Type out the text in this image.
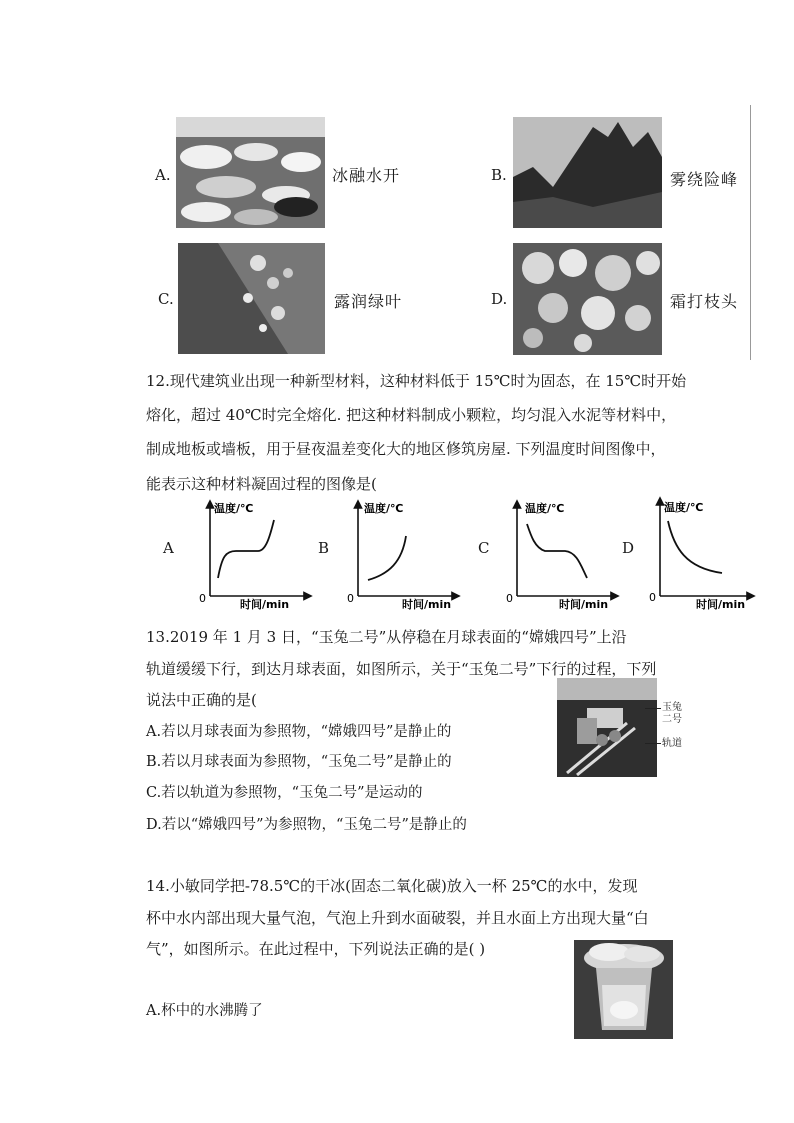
A.	冰融水开	B.	雾绕险峰
C.	露润绿叶	D.	霜打枝头
12.现代建筑业出现一种新型材料，这种材料低于 15℃时为固态，在 15℃时开始
熔化，超过 40℃时完全熔化. 把这种材料制成小颗粒，均匀混入水泥等材料中，
制成地板或墙板，用于昼夜温差变化大的地区修筑房屋. 下列温度时间图像中，
能表示这种材料凝固过程的图像是(
A
温度/℃
0	时间/min
B
温度/℃
0	时间/min
C
温度/℃
0	时间/min
D
温度/℃
0
时间/min
13.2019 年 1 月 3 日，“玉兔二号”从停稳在月球表面的“嫦娥四号”上沿
轨道缓缓下行，到达月球表面，如图所示，关于“玉兔二号”下行的过程，下列
说法中正确的是(
A.若以月球表面为参照物，“嫦娥四号”是静止的
B.若以月球表面为参照物，“玉兔二号”是静止的
C.若以轨道为参照物，“玉兔二号”是运动的
D.若以“嫦娥四号”为参照物，“玉兔二号”是静止的
玉兔
二号
轨道
14.小敏同学把-78.5℃的干冰(固态二氧化碳)放入一杯 25℃的水中，发现
杯中水内部出现大量气泡，气泡上升到水面破裂，并且水面上方出现大量“白
气”，如图所示。在此过程中，下列说法正确的是( )
A.杯中的水沸腾了
